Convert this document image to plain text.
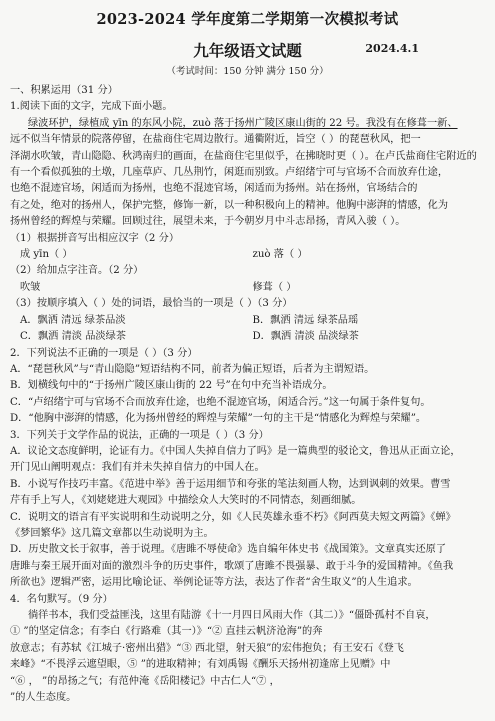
2023-2024 学年度第二学期第一次模拟考试
九年级语文试题	2024.4.1
（考试时间：150 分钟 满分 150 分）
一、积累运用（31 分）
1.阅读下面的文字，完成下面小题。
绿波环护，绿植成 yīn 的东风小院，zuò 落于扬州广陵区康山街的 22 号。我没有在修葺一新、
远不似当年情景的院落停留，在盐商住宅周边散行。通衢附近，旨空（ ）的琵琶秋风，把一
泽湖水吹皱，青山隐隐、秋鸿南归的画面，在盐商住宅里似乎，在拂晓时更（ ）。在卢氏盐商住宅附近的
有一个看似孤独的土墩，几座草庐、几丛荆竹，闲逛而别致。卢绍绪宁可与官场不合而放弃仕途，
也绝不混迹官场，闲适而为扬州，也绝不混迹官场，闲适而为扬州。站在扬州，官场结合的
有之处，绝对的扬州人，保护完整，修饰一新，以一种积极向上的精神。他胸中澎湃的情感，化为
扬州曾经的辉煌与荣耀。回顾过往，展望未来，于今朝岁月中斗志昂扬，青风入骏（ ）。
（1）根据拼音写出相应汉字（2 分）
成 yīn（ ）	zuò 落（ ）
（2）给加点字注音。（2 分）
吹皱	修葺（ ）
（3）按顺序填入（ ）处的词语，最恰当的一项是（ ）（3 分）
A．飘洒 清远 绿茶品淡	B．飘洒 清远 绿茶品瑶
C．飘洒 清淡 品淡绿茶	D．飘洒 清淡 品淡绿茶
2．下列说法不正确的一项是（ ）（3 分）
A．“琵琶秋风”与“青山隐隐”短语结构不同，前者为偏正短语，后者为主谓短语。
B．划横线句中的“于扬州广陵区康山街的 22 号”在句中充当补语成分。
C．“卢绍绪宁可与官场不合而放弃仕途，也绝不混迹官场，闲适合污。”这一句属于条件复句。
D．“他胸中澎湃的情感，化为扬州曾经的辉煌与荣耀”一句的主干是“情感化为辉煌与荣耀”。
3．下列关于文学作品的说法，正确的一项是（ ）（3 分）
A．议论文态度鲜明，论证有力。《中国人失掉自信力了吗》是一篇典型的驳论文，鲁迅从正面立论，
开门见山阐明观点：我们有并未失掉自信力的中国人在。
B．小说写作技巧丰富。《范进中举》善于运用细节和夸张的笔法刻画人物，达到讽刺的效果。曹雪
芹有手上写人，《刘姥姥进大观园》中描绘众人大笑时的不同情态，刻画细腻。
C．说明文的语言有平实说明和生动说明之分，如《人民英雄永垂不朽》《阿西莫夫短文两篇》《蝉》
《梦回繁华》这几篇文章都以生动说明为主。
D．历史散文长于叙事，善于说理。《唐雎不辱使命》选自编年体史书《战国策》。文章真实还原了
唐雎与秦王展开面对面的激烈斗争的历史事件，歌颂了唐雎不畏强暴、敢于斗争的爱国精神。《鱼我
所欲也》逻辑严密，运用比喻论证、举例论证等方法，表达了作者“舍生取义”的人生追求。
4．名句默写。（9 分）
徜徉书本，我们受益匪浅，这里有陆游《十一月四日风雨大作（其二）》“僵卧孤村不自哀，
① ”的坚定信念；有李白《行路难（其一）》“② 直挂云帆济沧海”的奔
放意志；有苏轼《江城子·密州出猎》“③ 西北望，射天狼”的宏伟抱负；有王安石《登飞
来峰》“不畏浮云遮望眼，⑤ ”的进取精神；有刘禹锡《酬乐天扬州初逢席上见赠》中
“⑥ ， ”的昂扬之气；有范仲淹《岳阳楼记》中古仁人“⑦ ，
”的人生态度。
